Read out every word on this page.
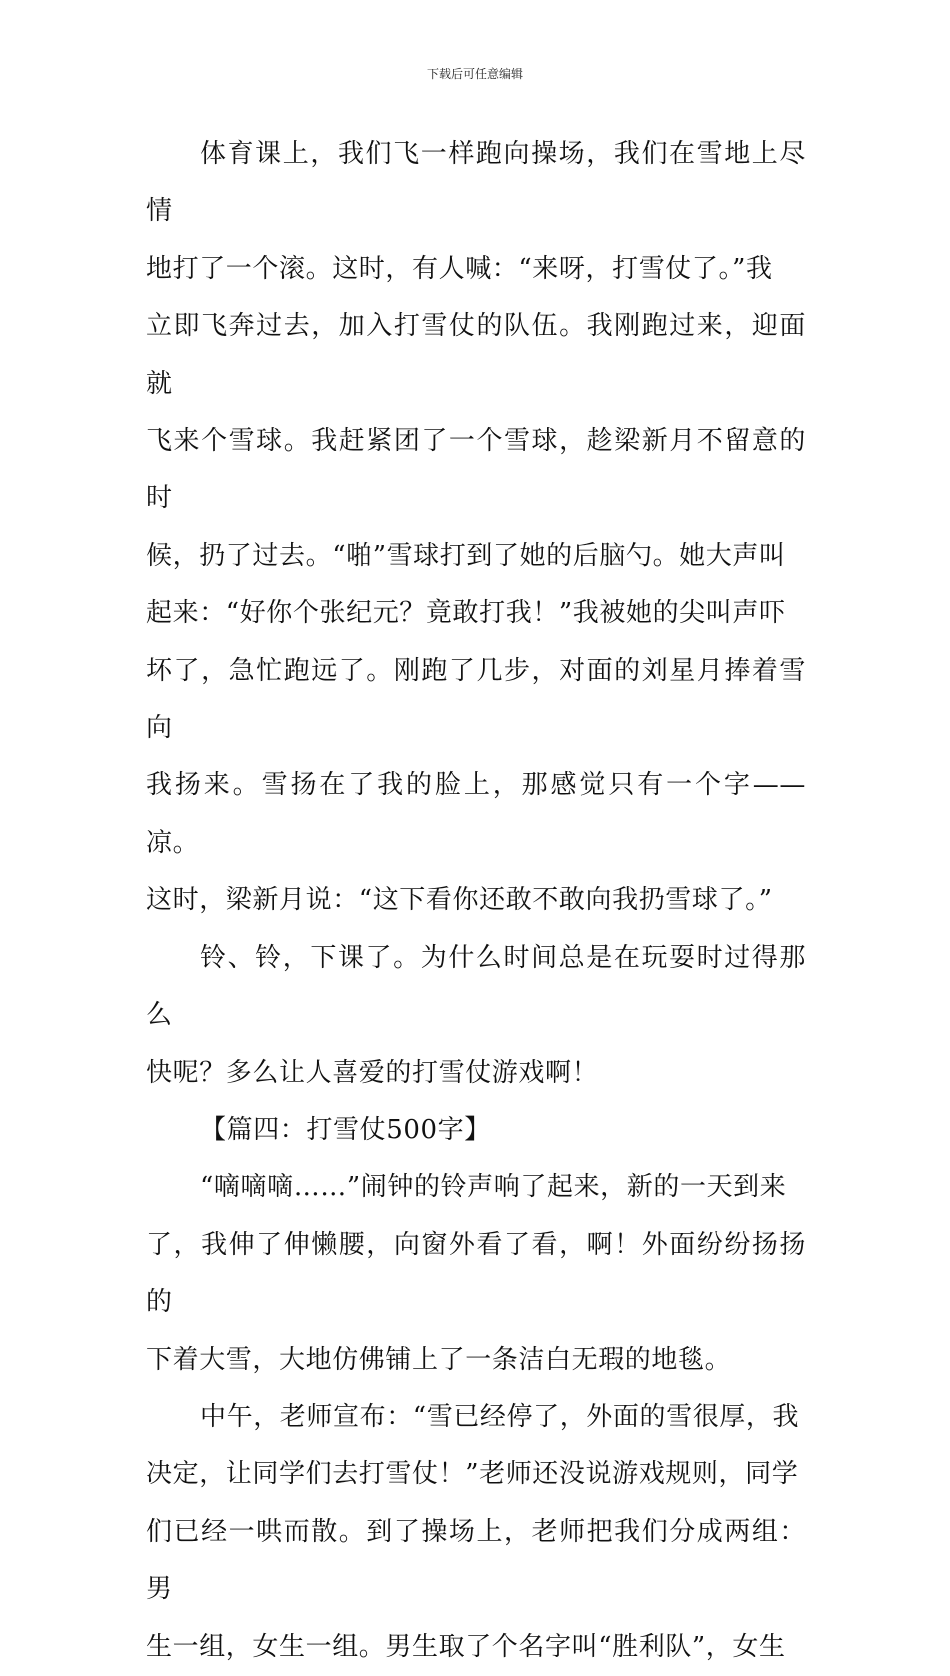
下载后可任意编辑
体育课上，我们飞一样跑向操场，我们在雪地上尽情
地打了一个滚。这时，有人喊：“来呀，打雪仗了。”我
立即飞奔过去，加入打雪仗的队伍。我刚跑过来，迎面就
飞来个雪球。我赶紧团了一个雪球，趁梁新月不留意的时
候，扔了过去。“啪”雪球打到了她的后脑勺。她大声叫
起来：“好你个张纪元？竟敢打我！”我被她的尖叫声吓
坏了，急忙跑远了。刚跑了几步，对面的刘星月捧着雪向
我扬来。雪扬在了我的脸上，那感觉只有一个字——凉。
这时，梁新月说：“这下看你还敢不敢向我扔雪球了。”
铃、铃，下课了。为什么时间总是在玩耍时过得那么
快呢？多么让人喜爱的打雪仗游戏啊！
【篇四：打雪仗500字】
“嘀嘀嘀……”闹钟的铃声响了起来，新的一天到来
了，我伸了伸懒腰，向窗外看了看，啊！外面纷纷扬扬的
下着大雪，大地仿佛铺上了一条洁白无瑕的地毯。
中午，老师宣布：“雪已经停了，外面的雪很厚，我
决定，让同学们去打雪仗！”老师还没说游戏规则，同学
们已经一哄而散。到了操场上，老师把我们分成两组：男
生一组，女生一组。男生取了个名字叫“胜利队”，女生
